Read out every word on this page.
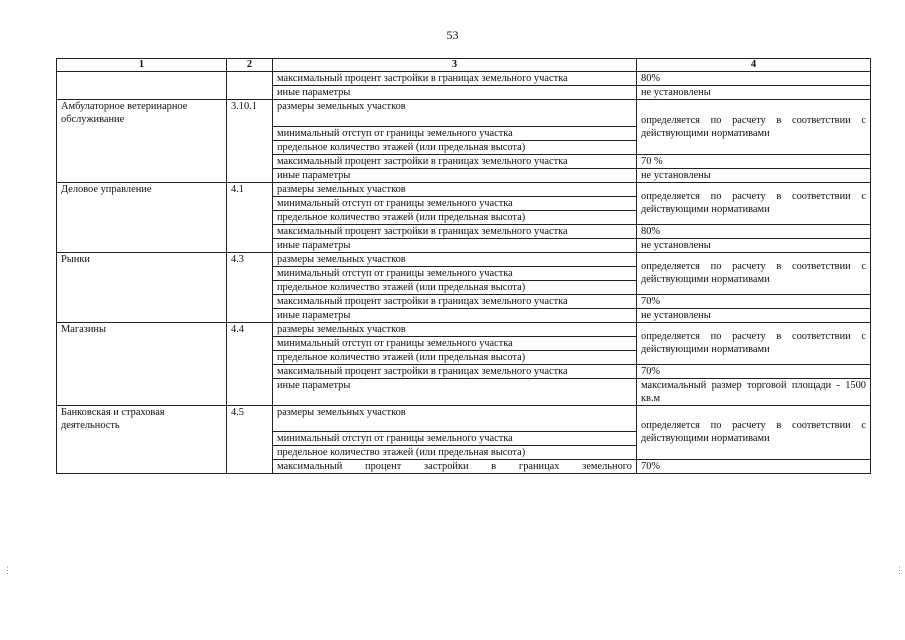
53
1	2	3	4
		максимальный процент застройки в границах земельного участка	80%
		иные параметры	не установлены
Амбулаторное ветеринарное обслуживание	3.10.1	размеры земельных участков	определяется по расчету в соответствии с действующими нормативами
		минимальный отступ от границы земельного участка	
		предельное количество этажей (или предельная высота)	
		максимальный процент застройки в границах земельного участка	70 %
		иные параметры	не установлены
Деловое управление	4.1	размеры земельных участков	определяется по расчету в соответствии с действующими нормативами
		минимальный отступ от границы земельного участка	
		предельное количество этажей (или предельная высота)	
		максимальный процент застройки в границах земельного участка	80%
		иные параметры	не установлены
Рынки	4.3	размеры земельных участков	определяется по расчету в соответствии с действующими нормативами
		минимальный отступ от границы земельного участка	
		предельное количество этажей (или предельная высота)	
		максимальный процент застройки в границах земельного участка	70%
		иные параметры	не установлены
Магазины	4.4	размеры земельных участков	определяется по расчету в соответствии с действующими нормативами
		минимальный отступ от границы земельного участка	
		предельное количество этажей (или предельная высота)	
		максимальный процент застройки в границах земельного участка	70%
		иные параметры	максимальный размер торговой площади - 1500 кв.м
Банковская и страховая деятельность	4.5	размеры земельных участков	определяется по расчету в соответствии с действующими нормативами
		минимальный отступ от границы земельного участка	
		предельное количество этажей (или предельная высота)	
		максимальный процент застройки в границах земельного	70%
⋮	⋮
